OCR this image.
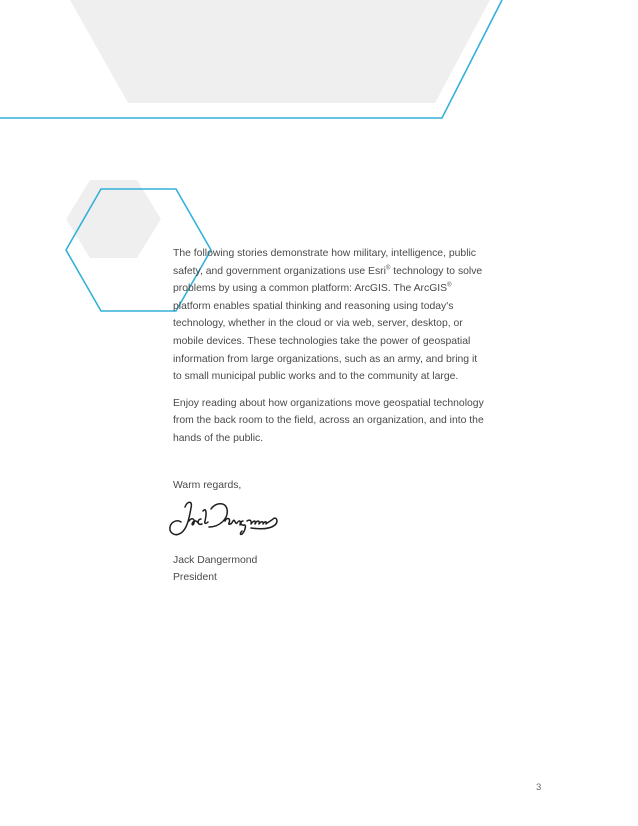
The following stories demonstrate how military, intelligence, public safety, and government organizations use Esri® technology to solve problems by using a common platform: ArcGIS. The ArcGIS® platform enables spatial thinking and reasoning using today's technology, whether in the cloud or via web, server, desktop, or mobile devices. These technologies take the power of geospatial information from large organizations, such as an army, and bring it to small municipal public works and to the community at large.

Enjoy reading about how organizations move geospatial technology from the back room to the field, across an organization, and into the hands of the public.

Warm regards,
Jack Dangermond
Jack Dangermond
President
3
